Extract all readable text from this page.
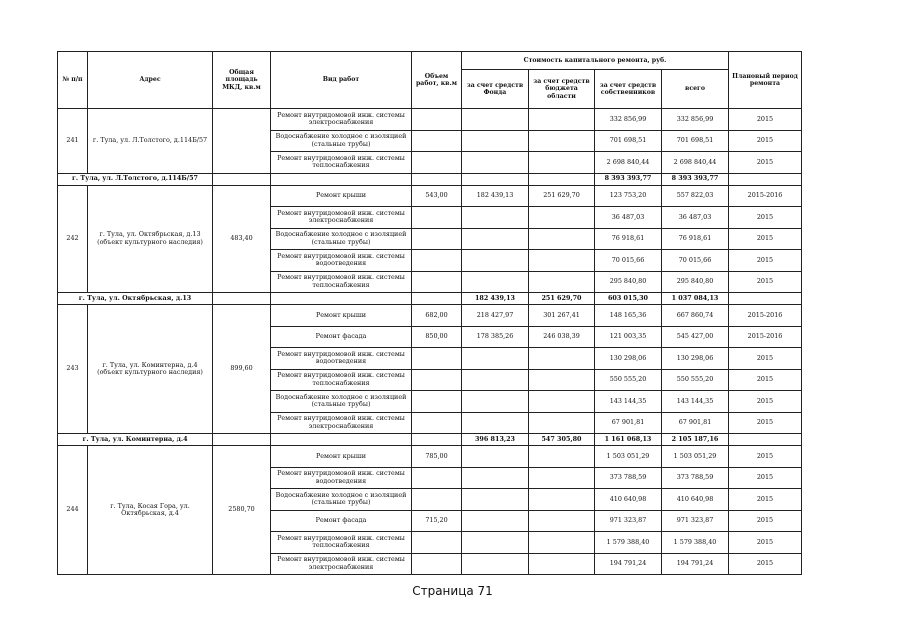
№ п/п	Адрес	Общая площадь МКД, кв.м	Вид работ	Объем работ, кв.м	Стоимость капитального ремонта, руб.				Плановый период ремонта
					за счет средств Фонда	за счет средств бюджета области	за счет средств собственников	всего	
241	г. Тула, ул. Л.Толстого, д.114Б/57		Ремонт внутридомовой инж. системы электроснабжения				332 856,99	332 856,99	2015
			Водоснабжение холодное с изоляцией (стальные трубы)				701 698,51	701 698,51	2015
			Ремонт внутридомовой инж. системы теплоснабжения				2 698 840,44	2 698 840,44	2015
г. Тула, ул. Л.Толстого, д.114Б/57							8 393 393,77	8 393 393,77	
242	г. Тула, ул. Октябрьская, д.13 (объект культурного наследия)	483,40	Ремонт крыши	543,00	182 439,13	251 629,70	123 753,20	557 822,03	2015-2016
			Ремонт внутридомовой инж. системы электроснабжения				36 487,03	36 487,03	2015
			Водоснабжение холодное с изоляцией (стальные трубы)				76 918,61	76 918,61	2015
			Ремонт внутридомовой инж. системы водоотведения				70 015,66	70 015,66	2015
			Ремонт внутридомовой инж. системы теплоснабжения				295 840,80	295 840,80	2015
г. Тула, ул. Октябрьская, д.13					182 439,13	251 629,70	603 015,30	1 037 084,13	
243	г. Тула, ул. Коминтерна, д.4 (объект культурного наследия)	899,60	Ремонт крыши	682,00	218 427,97	301 267,41	148 165,36	667 860,74	2015-2016
			Ремонт фасада	850,00	178 385,26	246 038,39	121 003,35	545 427,00	2015-2016
			Ремонт внутридомовой инж. системы водоотведения				130 298,06	130 298,06	2015
			Ремонт внутридомовой инж. системы теплоснабжения				550 555,20	550 555,20	2015
			Водоснабжение холодное с изоляцией (стальные трубы)				143 144,35	143 144,35	2015
			Ремонт внутридомовой инж. системы электроснабжения				67 901,81	67 901,81	2015
г. Тула, ул. Коминтерна, д.4					396 813,23	547 305,80	1 161 068,13	2 105 187,16	
244	г. Тула, Косая Гора, ул. Октябрьская, д.4	2580,70	Ремонт крыши	785,00			1 503 051,29	1 503 051,29	2015
			Ремонт внутридомовой инж. системы водоотведения				373 788,59	373 788,59	2015
			Водоснабжение холодное с изоляцией (стальные трубы)				410 640,98	410 640,98	2015
			Ремонт фасада	715,20			971 323,87	971 323,87	2015
			Ремонт внутридомовой инж. системы теплоснабжения				1 579 388,40	1 579 388,40	2015
			Ремонт внутридомовой инж. системы электроснабжения				194 791,24	194 791,24	2015
Страница 71
